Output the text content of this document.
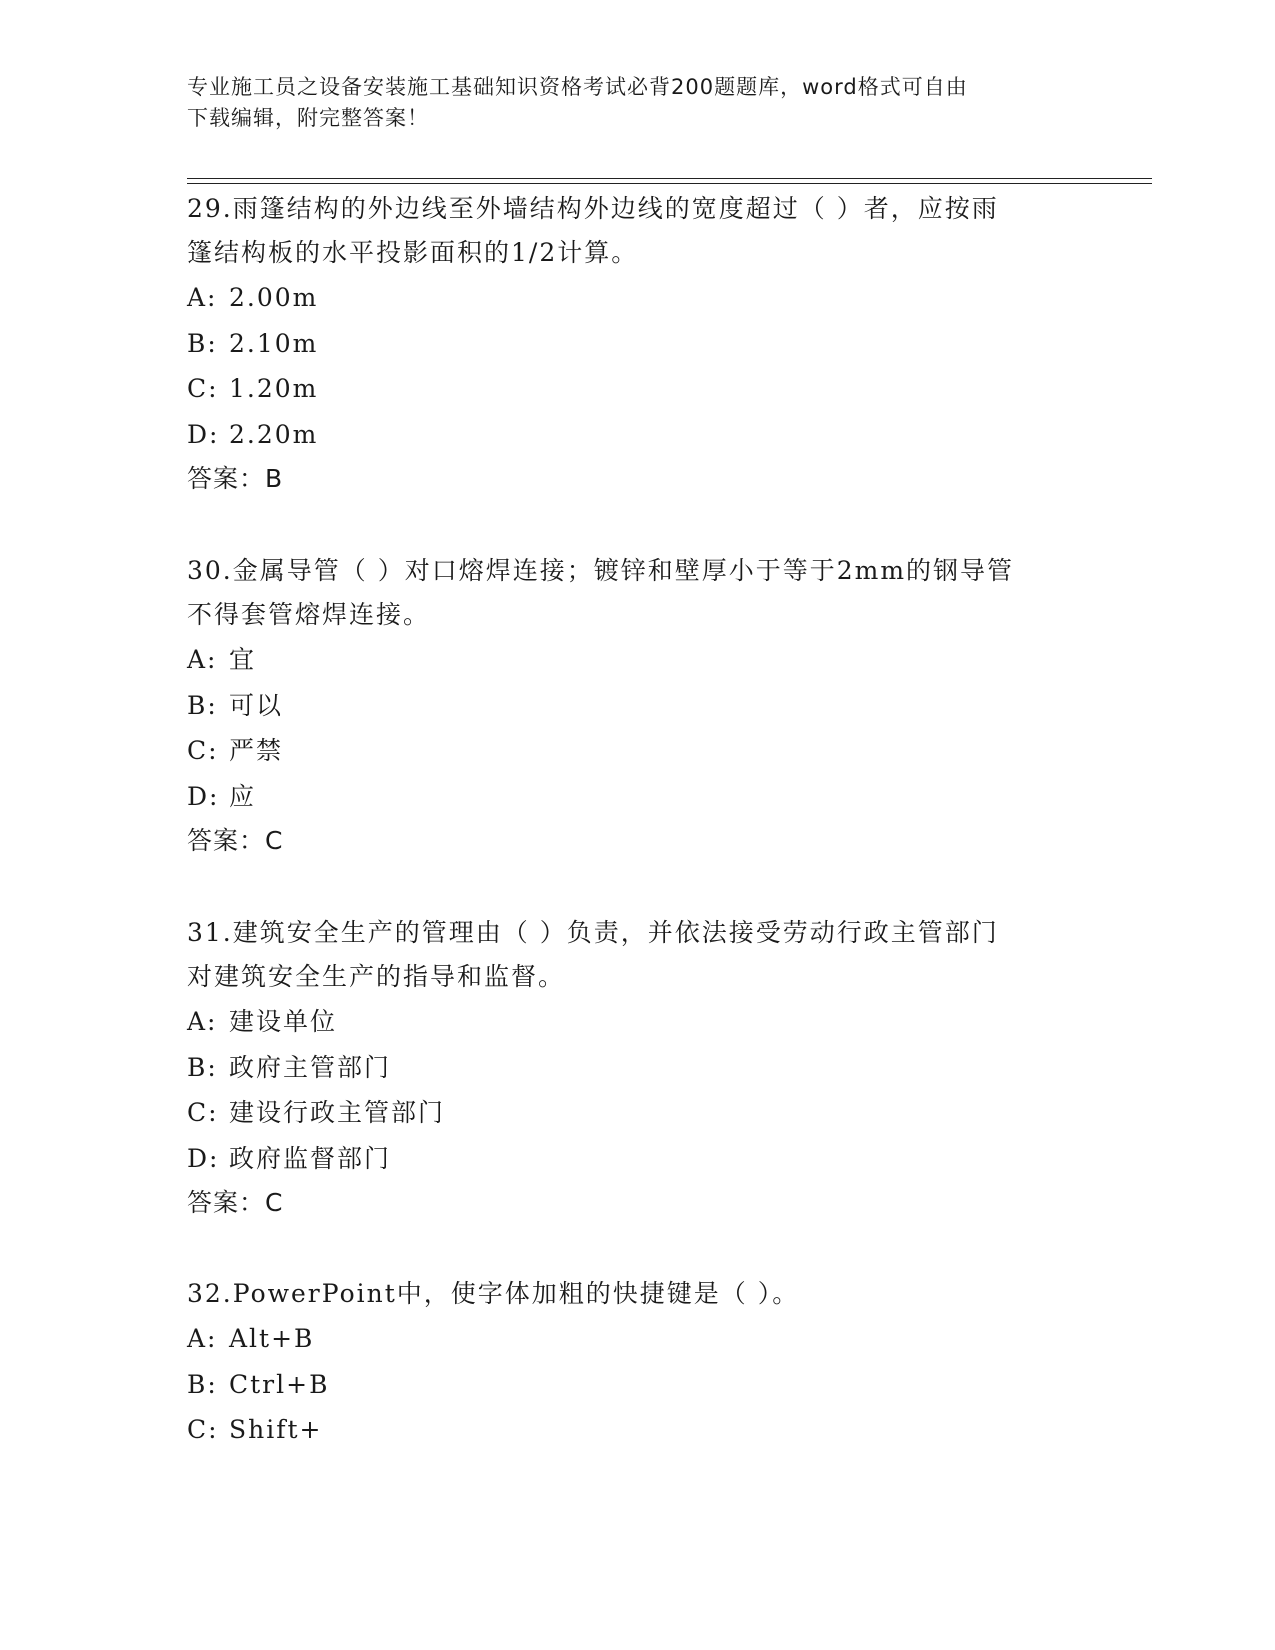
专业施工员之设备安装施工基础知识资格考试必背200题题库，word格式可自由
下载编辑，附完整答案！

29.雨篷结构的外边线至外墙结构外边线的宽度超过（ ）者，应按雨

篷结构板的水平投影面积的1/2计算。

A: 2.00m

B: 2.10m

C: 1.20m

D: 2.20m

答案：B

30.金属导管（ ）对口熔焊连接；镀锌和壁厚小于等于2mm的钢导管

不得套管熔焊连接。

A: 宜

B: 可以

C: 严禁

D: 应

答案：C

31.建筑安全生产的管理由（ ）负责，并依法接受劳动行政主管部门

对建筑安全生产的指导和监督。

A: 建设单位

B: 政府主管部门

C: 建设行政主管部门

D: 政府监督部门

答案：C

32.PowerPoint中，使字体加粗的快捷键是（ ）。

A: Alt+B

B: Ctrl+B

C: Shift+
